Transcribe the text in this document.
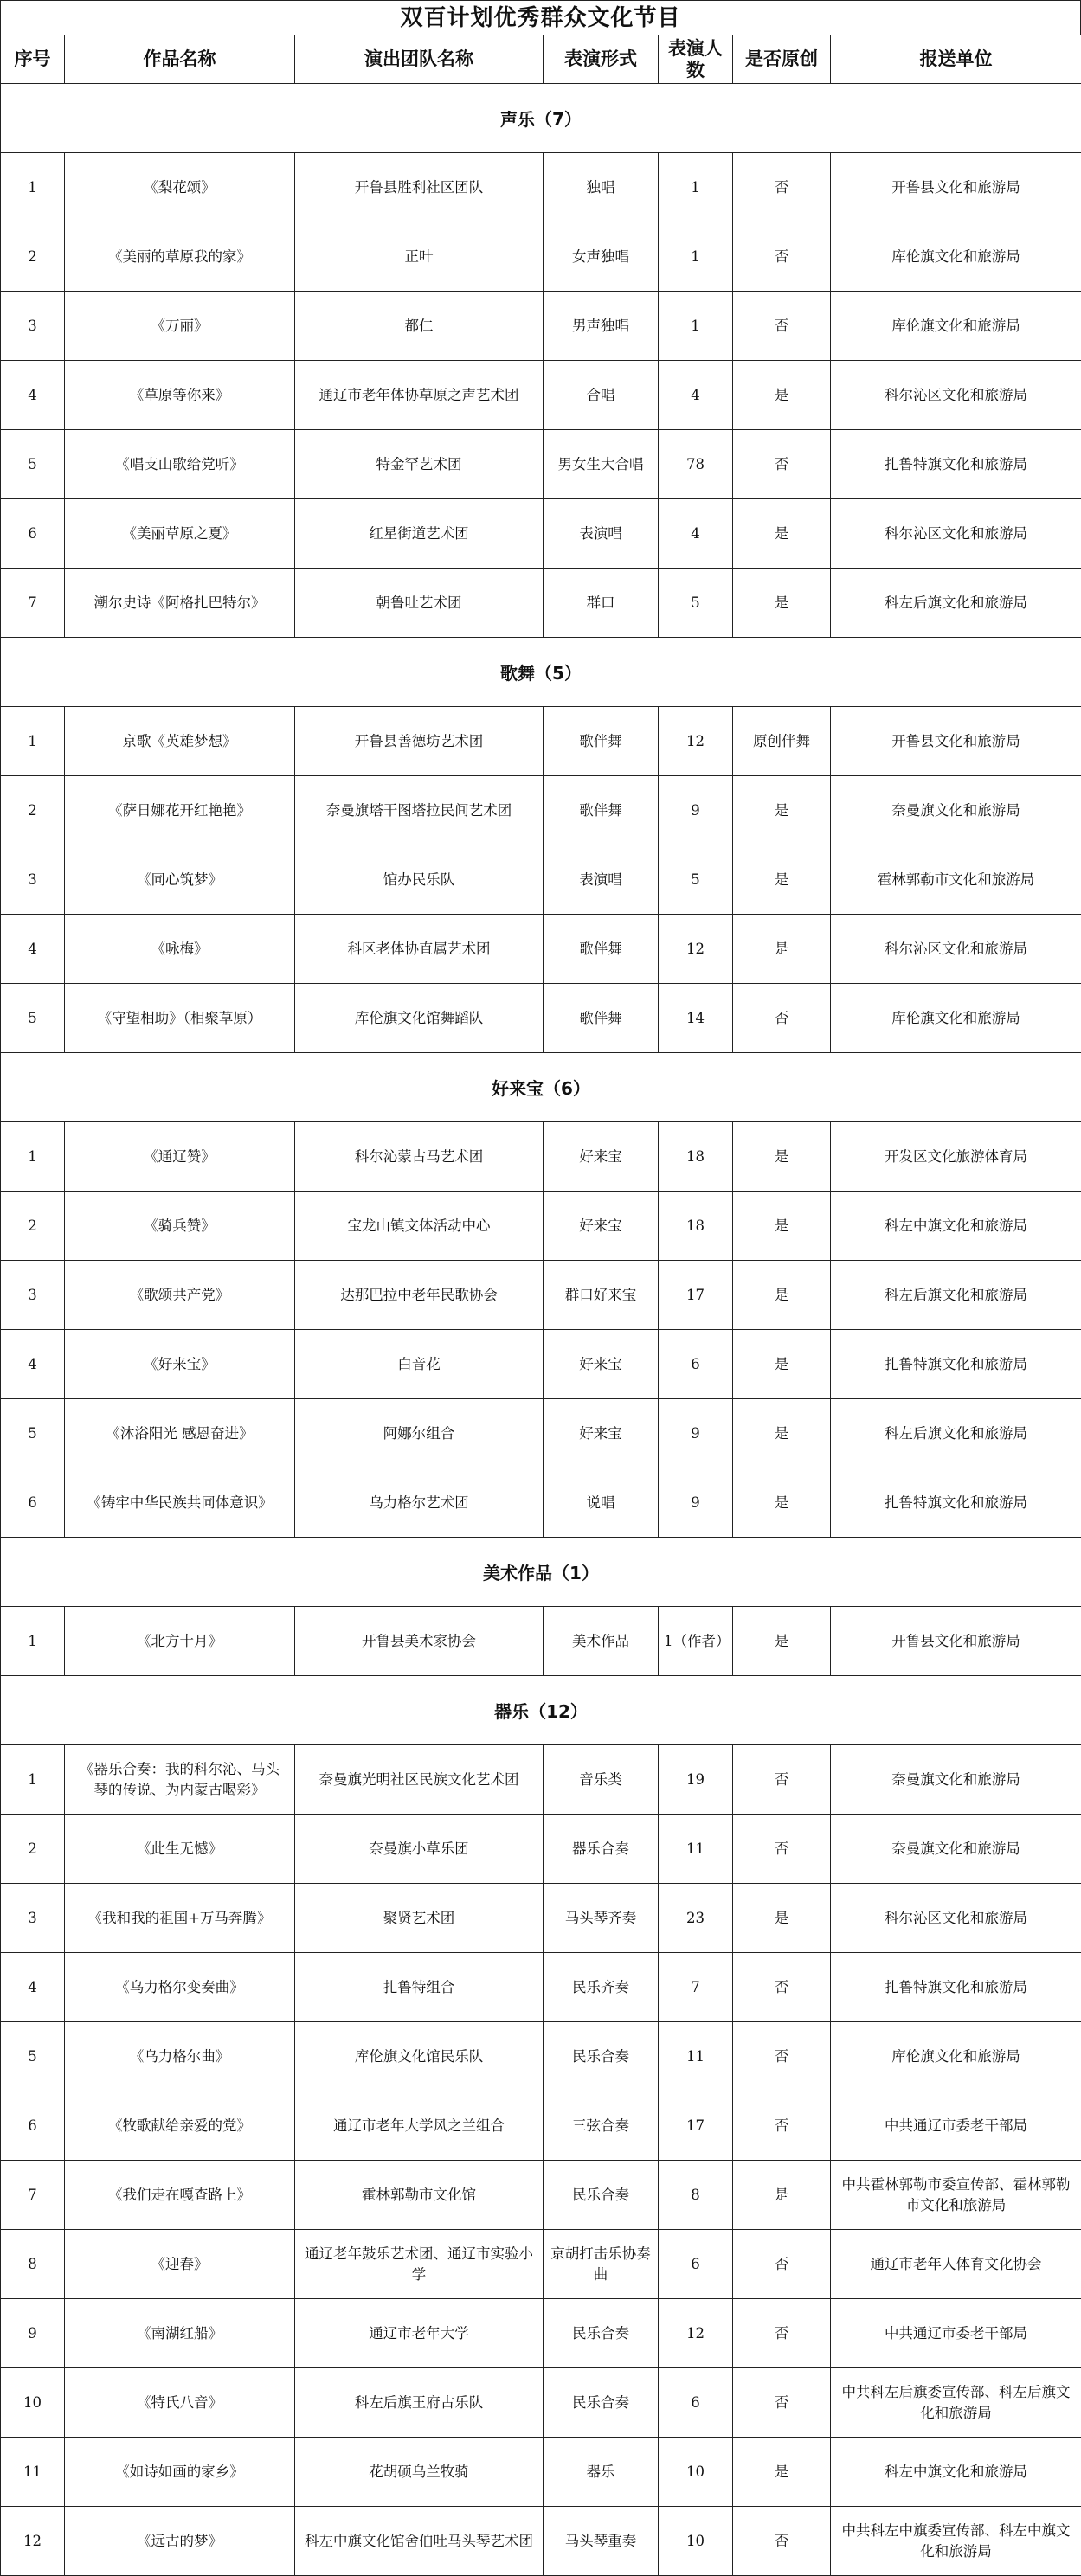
双百计划优秀群众文化节目
序号	作品名称	演出团队名称	表演形式	表演人数	是否原创	报送单位
声乐（7）						
1	《梨花颂》	开鲁县胜利社区团队	独唱	1	否	开鲁县文化和旅游局
2	《美丽的草原我的家》	正叶	女声独唱	1	否	库伦旗文化和旅游局
3	《万丽》	都仁	男声独唱	1	否	库伦旗文化和旅游局
4	《草原等你来》	通辽市老年体协草原之声艺术团	合唱	4	是	科尔沁区文化和旅游局
5	《唱支山歌给党听》	特金罕艺术团	男女生大合唱	78	否	扎鲁特旗文化和旅游局
6	《美丽草原之夏》	红星街道艺术团	表演唱	4	是	科尔沁区文化和旅游局
7	潮尔史诗《阿格扎巴特尔》	朝鲁吐艺术团	群口	5	是	科左后旗文化和旅游局
歌舞（5）						
1	京歌《英雄梦想》	开鲁县善德坊艺术团	歌伴舞	12	原创伴舞	开鲁县文化和旅游局
2	《萨日娜花开红艳艳》	奈曼旗塔干图塔拉民间艺术团	歌伴舞	9	是	奈曼旗文化和旅游局
3	《同心筑梦》	馆办民乐队	表演唱	5	是	霍林郭勒市文化和旅游局
4	《咏梅》	科区老体协直属艺术团	歌伴舞	12	是	科尔沁区文化和旅游局
5	《守望相助》（相聚草原）	库伦旗文化馆舞蹈队	歌伴舞	14	否	库伦旗文化和旅游局
好来宝（6）						
1	《通辽赞》	科尔沁蒙古马艺术团	好来宝	18	是	开发区文化旅游体育局
2	《骑兵赞》	宝龙山镇文体活动中心	好来宝	18	是	科左中旗文化和旅游局
3	《歌颂共产党》	达那巴拉中老年民歌协会	群口好来宝	17	是	科左后旗文化和旅游局
4	《好来宝》	白音花	好来宝	6	是	扎鲁特旗文化和旅游局
5	《沐浴阳光 感恩奋进》	阿娜尔组合	好来宝	9	是	科左后旗文化和旅游局
6	《铸牢中华民族共同体意识》	乌力格尔艺术团	说唱	9	是	扎鲁特旗文化和旅游局
美术作品（1）						
1	《北方十月》	开鲁县美术家协会	美术作品	1（作者）	是	开鲁县文化和旅游局
器乐（12）						
1	《器乐合奏：我的科尔沁、马头琴的传说、为内蒙古喝彩》	奈曼旗光明社区民族文化艺术团	音乐类	19	否	奈曼旗文化和旅游局
2	《此生无憾》	奈曼旗小草乐团	器乐合奏	11	否	奈曼旗文化和旅游局
3	《我和我的祖国+万马奔腾》	聚贤艺术团	马头琴齐奏	23	是	科尔沁区文化和旅游局
4	《乌力格尔变奏曲》	扎鲁特组合	民乐齐奏	7	否	扎鲁特旗文化和旅游局
5	《乌力格尔曲》	库伦旗文化馆民乐队	民乐合奏	11	否	库伦旗文化和旅游局
6	《牧歌献给亲爱的党》	通辽市老年大学风之兰组合	三弦合奏	17	否	中共通辽市委老干部局
7	《我们走在嘎查路上》	霍林郭勒市文化馆	民乐合奏	8	是	中共霍林郭勒市委宣传部、霍林郭勒市文化和旅游局
8	《迎春》	通辽老年鼓乐艺术团、通辽市实验小学	京胡打击乐协奏曲	6	否	通辽市老年人体育文化协会
9	《南湖红船》	通辽市老年大学	民乐合奏	12	否	中共通辽市委老干部局
10	《特氏八音》	科左后旗王府古乐队	民乐合奏	6	否	中共科左后旗委宣传部、科左后旗文化和旅游局
11	《如诗如画的家乡》	花胡硕乌兰牧骑	器乐	10	是	科左中旗文化和旅游局
12	《远古的梦》	科左中旗文化馆舍伯吐马头琴艺术团	马头琴重奏	10	否	中共科左中旗委宣传部、科左中旗文化和旅游局
